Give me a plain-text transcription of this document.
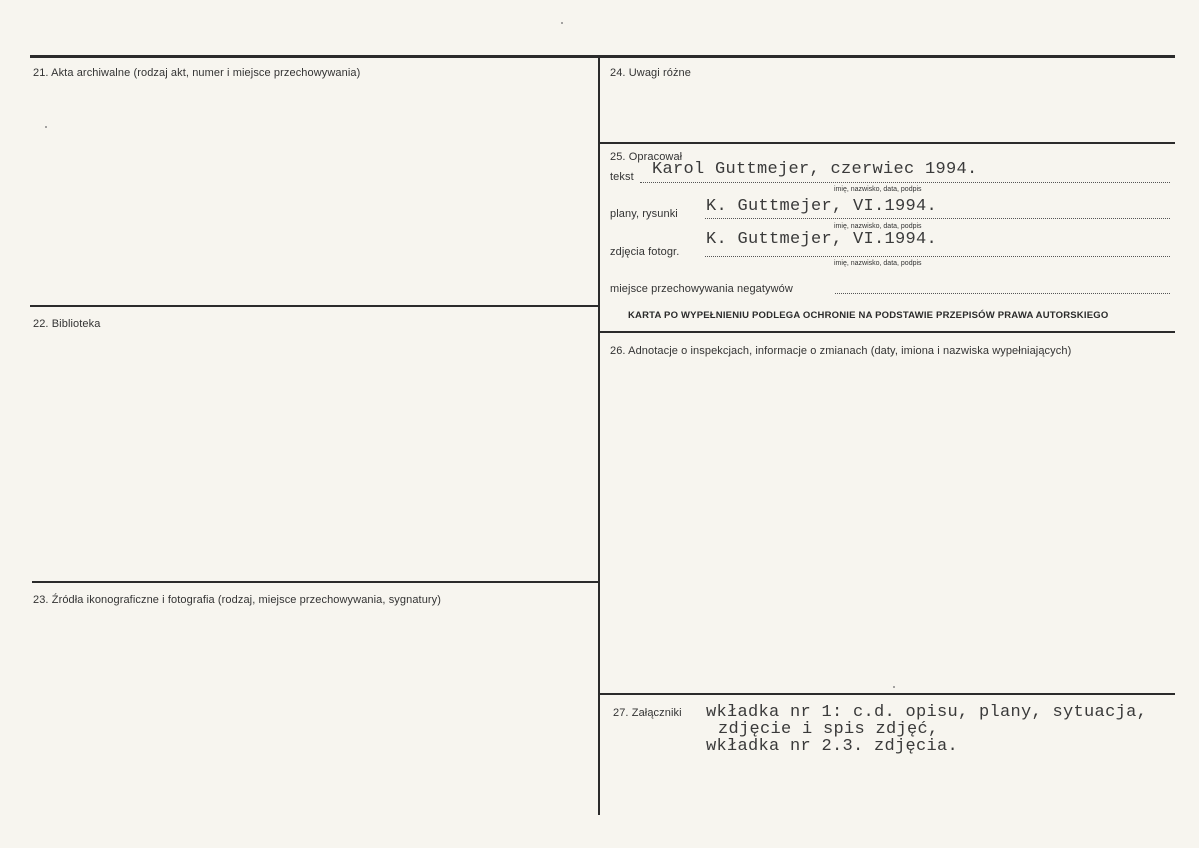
21. Akta archiwalne (rodzaj akt, numer i miejsce przechowywania)
22. Biblioteka
23. Źródła ikonograficzne i fotografia (rodzaj, miejsce przechowywania, sygnatury)
24. Uwagi różne
25. Opracował
26. Adnotacje o inspekcjach, informacje o zmianach (daty, imiona i nazwiska wypełniających)
27. Załączniki
tekst Karol Guttmejer, czerwiec 1994.
imię, nazwisko, data, podpis
plany, rysunki K. Guttmejer, VI.1994.
imię, nazwisko, data, podpis
zdjęcia fotogr.
K. Guttmejer, VI.1994.
imię, nazwisko, data, podpis
miejsce przechowywania negatywów
KARTA PO WYPEŁNIENIU PODLEGA OCHRONIE NA PODSTAWIE PRZEPISÓW PRAWA AUTORSKIEGO
wkładka nr 1: c.d. opisu, plany, sytuacja,
zdjęcie i spis zdjęć,
wkładka nr 2.3. zdjęcia.
